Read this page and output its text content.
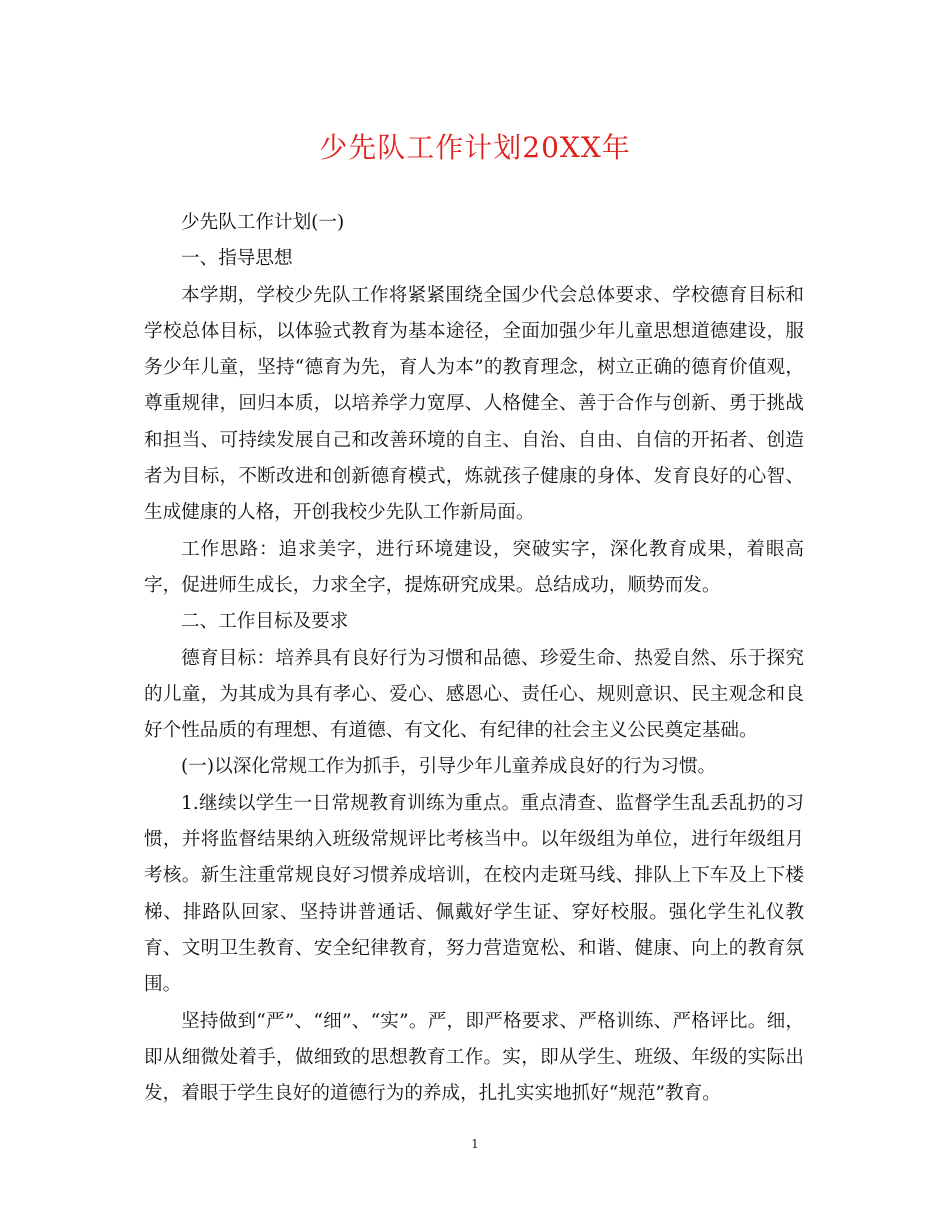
少先队工作计划20XX年

少先队工作计划(一)

一、指导思想

本学期，学校少先队工作将紧紧围绕全国少代会总体要求、学校德育目标和学校总体目标，以体验式教育为基本途径，全面加强少年儿童思想道德建设，服务少年儿童，坚持“德育为先，育人为本”的教育理念，树立正确的德育价值观，尊重规律，回归本质，以培养学力宽厚、人格健全、善于合作与创新、勇于挑战和担当、可持续发展自己和改善环境的自主、自治、自由、自信的开拓者、创造者为目标，不断改进和创新德育模式，炼就孩子健康的身体、发育良好的心智、生成健康的人格，开创我校少先队工作新局面。

工作思路：追求美字，进行环境建设，突破实字，深化教育成果，着眼高字，促进师生成长，力求全字，提炼研究成果。总结成功，顺势而发。

二、工作目标及要求

德育目标：培养具有良好行为习惯和品德、珍爱生命、热爱自然、乐于探究的儿童，为其成为具有孝心、爱心、感恩心、责任心、规则意识、民主观念和良好个性品质的有理想、有道德、有文化、有纪律的社会主义公民奠定基础。

(一)以深化常规工作为抓手，引导少年儿童养成良好的行为习惯。

1.继续以学生一日常规教育训练为重点。重点清查、监督学生乱丢乱扔的习惯，并将监督结果纳入班级常规评比考核当中。以年级组为单位，进行年级组月考核。新生注重常规良好习惯养成培训，在校内走斑马线、排队上下车及上下楼梯、排路队回家、坚持讲普通话、佩戴好学生证、穿好校服。强化学生礼仪教育、文明卫生教育、安全纪律教育，努力营造宽松、和谐、健康、向上的教育氛围。

坚持做到“严”、“细”、“实”。严，即严格要求、严格训练、严格评比。细，即从细微处着手，做细致的思想教育工作。实，即从学生、班级、年级的实际出发，着眼于学生良好的道德行为的养成，扎扎实实地抓好“规范”教育。

1
